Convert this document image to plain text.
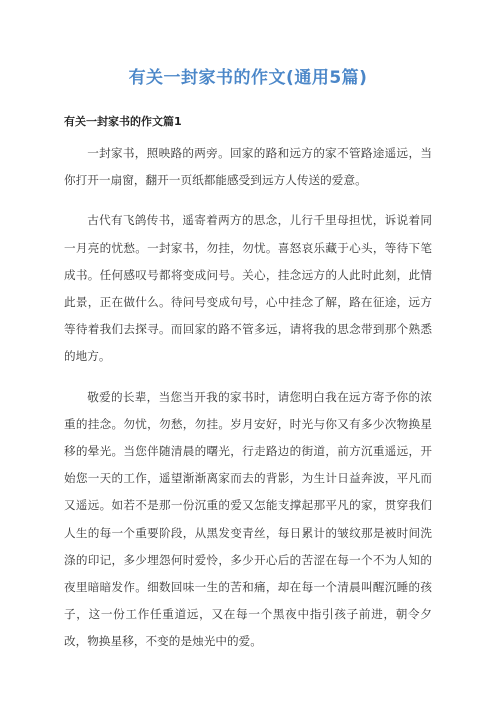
有关一封家书的作文(通用5篇)
有关一封家书的作文篇1

一封家书，照映路的两旁。回家的路和远方的家不管路途遥远，当你打开一扇窗，翻开一页纸都能感受到远方人传送的爱意。

古代有飞鸽传书，遥寄着两方的思念，儿行千里母担忧，诉说着同一月亮的忧愁。一封家书，勿挂，勿忧。喜怒哀乐藏于心头，等待下笔成书。任何感叹号都将变成问号。关心，挂念远方的人此时此刻，此情此景，正在做什么。待问号变成句号，心中挂念了解，路在征途，远方等待着我们去探寻。而回家的路不管多远，请将我的思念带到那个熟悉的地方。

敬爱的长辈，当您当开我的家书时，请您明白我在远方寄予你的浓重的挂念。勿忧，勿愁，勿挂。岁月安好，时光与你又有多少次物换星移的晕光。当您伴随清晨的曙光，行走路边的街道，前方沉重遥远，开始您一天的工作，遥望渐渐离家而去的背影，为生计日益奔波，平凡而又遥远。如若不是那一份沉重的爱又怎能支撑起那平凡的家，贯穿我们人生的每一个重要阶段，从黑发变青丝，每日累计的皱纹那是被时间洗涤的印记，多少埋怨何时爱怜，多少开心后的苦涩在每一个不为人知的夜里暗暗发作。细数回味一生的苦和痛，却在每一个清晨叫醒沉睡的孩子，这一份工作任重道远，又在每一个黑夜中指引孩子前进，朝令夕改，物换星移，不变的是烛光中的爱。
